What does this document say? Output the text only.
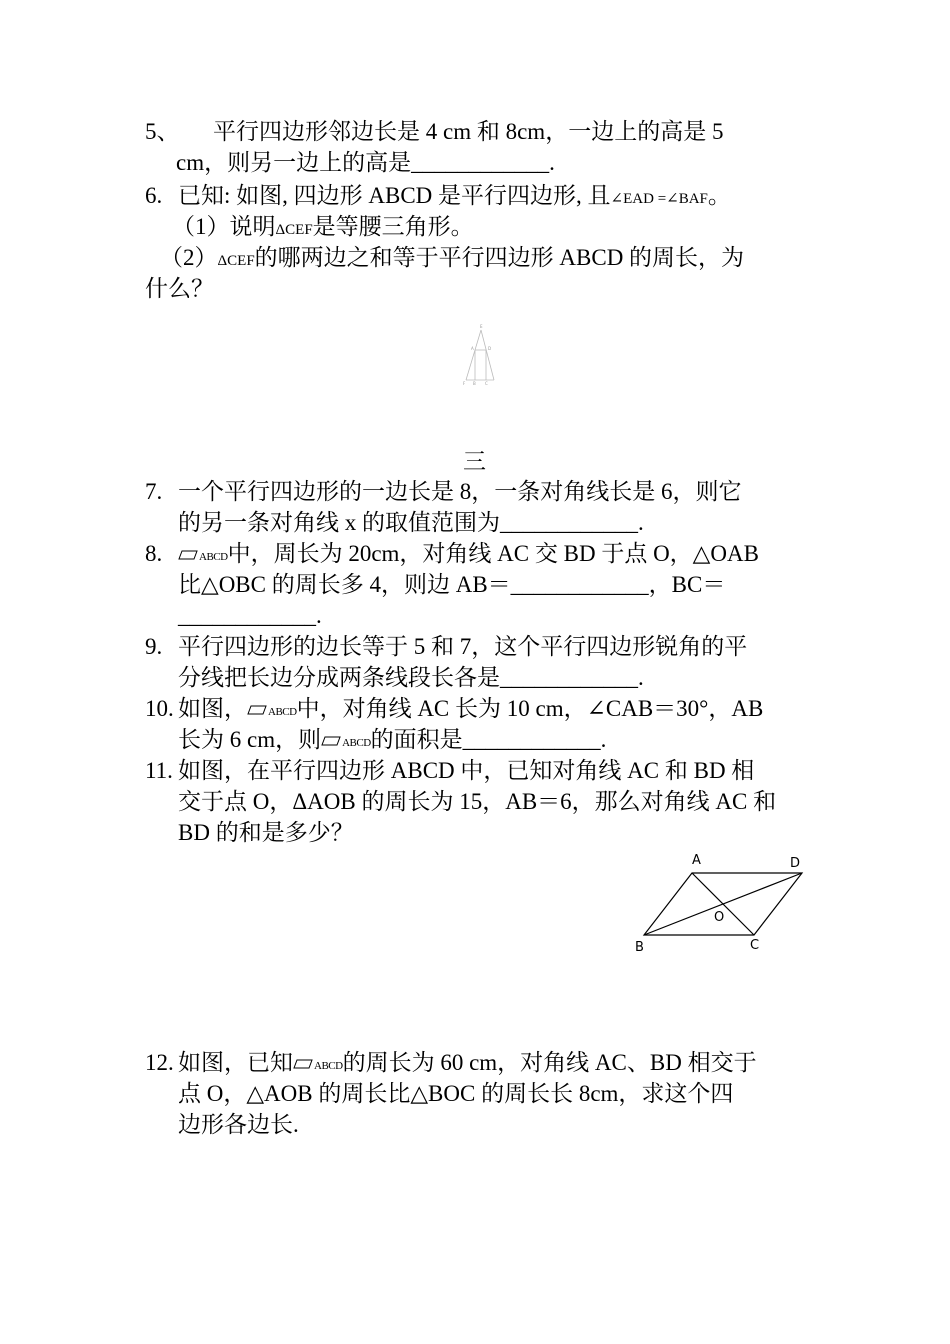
5、 平行四边形邻边长是 4 cm 和 8cm，一边上的高是 5
cm，则另一边上的高是____________.
6. 已知: 如图, 四边形 ABCD 是平行四边形, 且∠EAD =∠BAF。
（1）说明ΔCEF是等腰三角形。
（2）ΔCEF的哪两边之和等于平行四边形 ABCD 的周长，为
什么？
E
A	D
F B C
三
7. 一个平行四边形的一边长是 8，一条对角线长是 6，则它
的另一条对角线 x 的取值范围为____________.
8.	ABCD中，周长为 20cm，对角线 AC 交 BD 于点 O，△OAB
比△OBC 的周长多 4，则边 AB＝____________，BC＝
____________.
9. 平行四边形的边长等于 5 和 7，这个平行四边形锐角的平
分线把长边分成两条线段长各是____________.
10. 如图， ABCD中，对角线 AC 长为 10 cm，∠CAB＝30°，AB
长为 6 cm，则 ABCD的面积是____________.
11. 如图，在平行四边形 ABCD 中，已知对角线 AC 和 BD 相
交于点 O，ΔAOB 的周长为 15，AB＝6，那么对角线 AC 和
BD 的和是多少？
A	D
O
B	C
12. 如图，已知 ABCD的周长为 60 cm，对角线 AC、BD 相交于
点 O，△AOB 的周长比△BOC 的周长长 8cm，求这个四
边形各边长.
